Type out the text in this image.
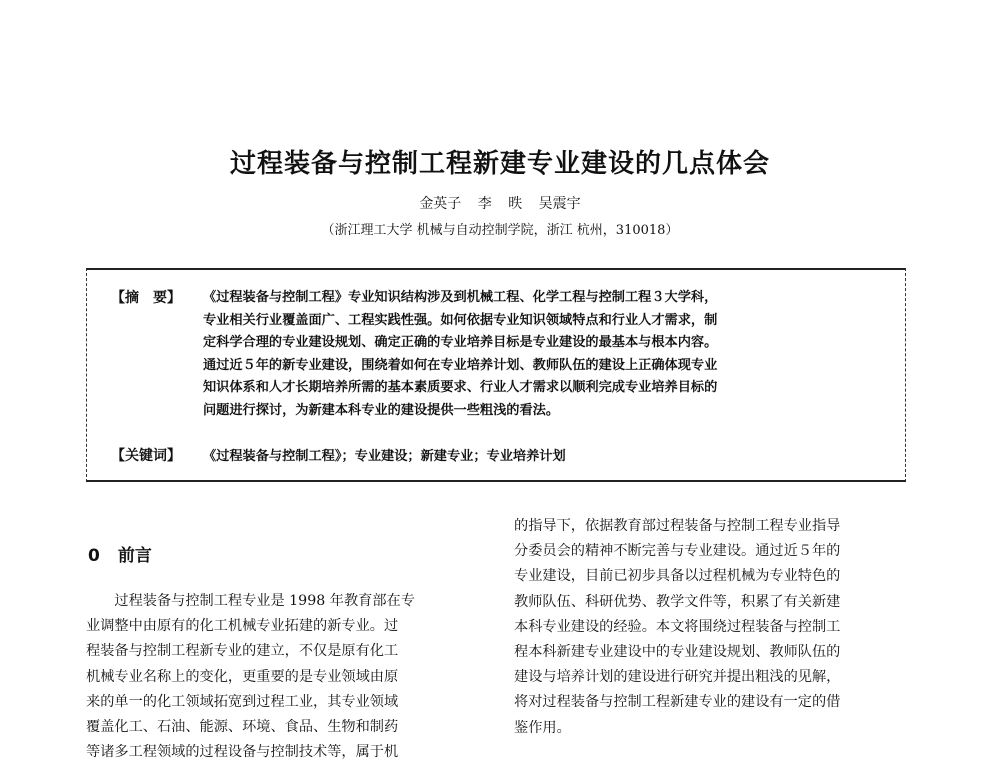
过程装备与控制工程新建专业建设的几点体会
金英子 李 昳 吴震宇
（浙江理工大学 机械与自动控制学院，浙江 杭州，310018）
【摘　要】 《过程装备与控制工程》专业知识结构涉及到机械工程、化学工程与控制工程３大学科，
专业相关行业覆盖面广、工程实践性强。如何依据专业知识领域特点和行业人才需求，制
定科学合理的专业建设规划、确定正确的专业培养目标是专业建设的最基本与根本内容。
通过近５年的新专业建设，围绕着如何在专业培养计划、教师队伍的建设上正确体现专业
知识体系和人才长期培养所需的基本素质要求、行业人才需求以顺利完成专业培养目标的
问题进行探讨，为新建本科专业的建设提供一些粗浅的看法。
【关键词】 《过程装备与控制工程》；专业建设；新建专业；专业培养计划
0 前言
　　过程装备与控制工程专业是 1998 年教育部在专
业调整中由原有的化工机械专业拓建的新专业。过
程装备与控制工程新专业的建立，不仅是原有化工
机械专业名称上的变化，更重要的是专业领域由原
来的单一的化工领域拓宽到过程工业，其专业领域
覆盖化工、石油、能源、环境、食品、生物和制药
等诸多工程领域的过程设备与控制技术等，属于机
的指导下，依据教育部过程装备与控制工程专业指导
分委员会的精神不断完善与专业建设。通过近５年的
专业建设，目前已初步具备以过程机械为专业特色的
教师队伍、科研优势、教学文件等，积累了有关新建
本科专业建设的经验。本文将围绕过程装备与控制工
程本科新建专业建设中的专业建设规划、教师队伍的
建设与培养计划的建设进行研究并提出粗浅的见解，
将对过程装备与控制工程新建专业的建设有一定的借
鉴作用。
